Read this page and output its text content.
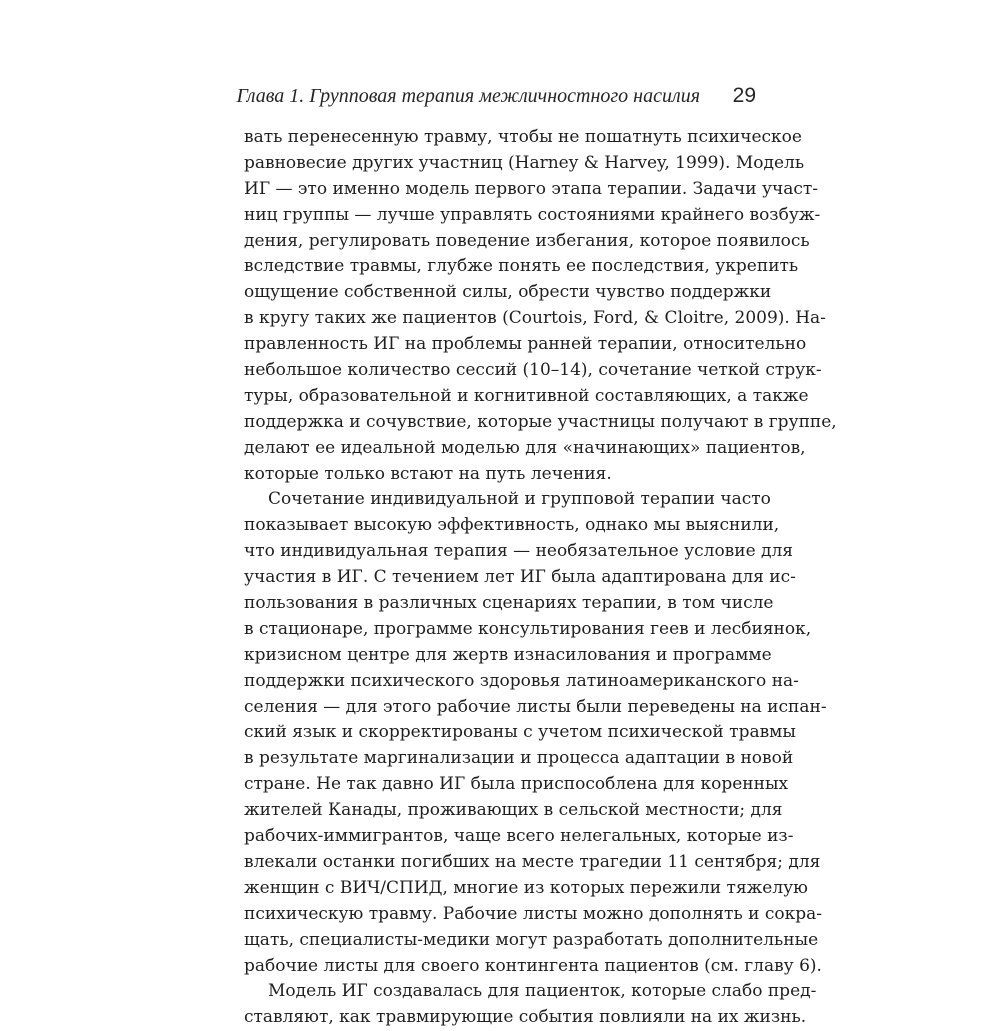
Глава 1. Групповая терапия межличностного насилия 29
вать перенесенную травму, чтобы не пошатнуть психическое
равновесие других участниц (Harney & Harvey, 1999). Модель
ИГ — это именно модель первого этапа терапии. Задачи участ-
ниц группы — лучше управлять состояниями крайнего возбуж-
дения, регулировать поведение избегания, которое появилось
вследствие травмы, глубже понять ее последствия, укрепить
ощущение собственной силы, обрести чувство поддержки
в кругу таких же пациентов (Courtois, Ford, & Cloitre, 2009). На-
правленность ИГ на проблемы ранней терапии, относительно
небольшое количество сессий (10–14), сочетание четкой струк-
туры, образовательной и когнитивной составляющих, а также
поддержка и сочувствие, которые участницы получают в группе,
делают ее идеальной моделью для «начинающих» пациентов,
которые только встают на путь лечения.
Сочетание индивидуальной и групповой терапии часто
показывает высокую эффективность, однако мы выяснили,
что индивидуальная терапия — необязательное условие для
участия в ИГ. С течением лет ИГ была адаптирована для ис-
пользования в различных сценариях терапии, в том числе
в стационаре, программе консультирования геев и лесбиянок,
кризисном центре для жертв изнасилования и программе
поддержки психического здоровья латиноамериканского на-
селения — для этого рабочие листы были переведены на испан-
ский язык и скорректированы с учетом психической травмы
в результате маргинализации и процесса адаптации в новой
стране. Не так давно ИГ была приспособлена для коренных
жителей Канады, проживающих в сельской местности; для
рабочих-иммигрантов, чаще всего нелегальных, которые из-
влекали останки погибших на месте трагедии 11 сентября; для
женщин с ВИЧ/СПИД, многие из которых пережили тяжелую
психическую травму. Рабочие листы можно дополнять и сокра-
щать, специалисты-медики могут разработать дополнительные
рабочие листы для своего контингента пациентов (см. главу 6).
Модель ИГ создавалась для пациенток, которые слабо пред-
ставляют, как травмирующие события повлияли на их жизнь.
